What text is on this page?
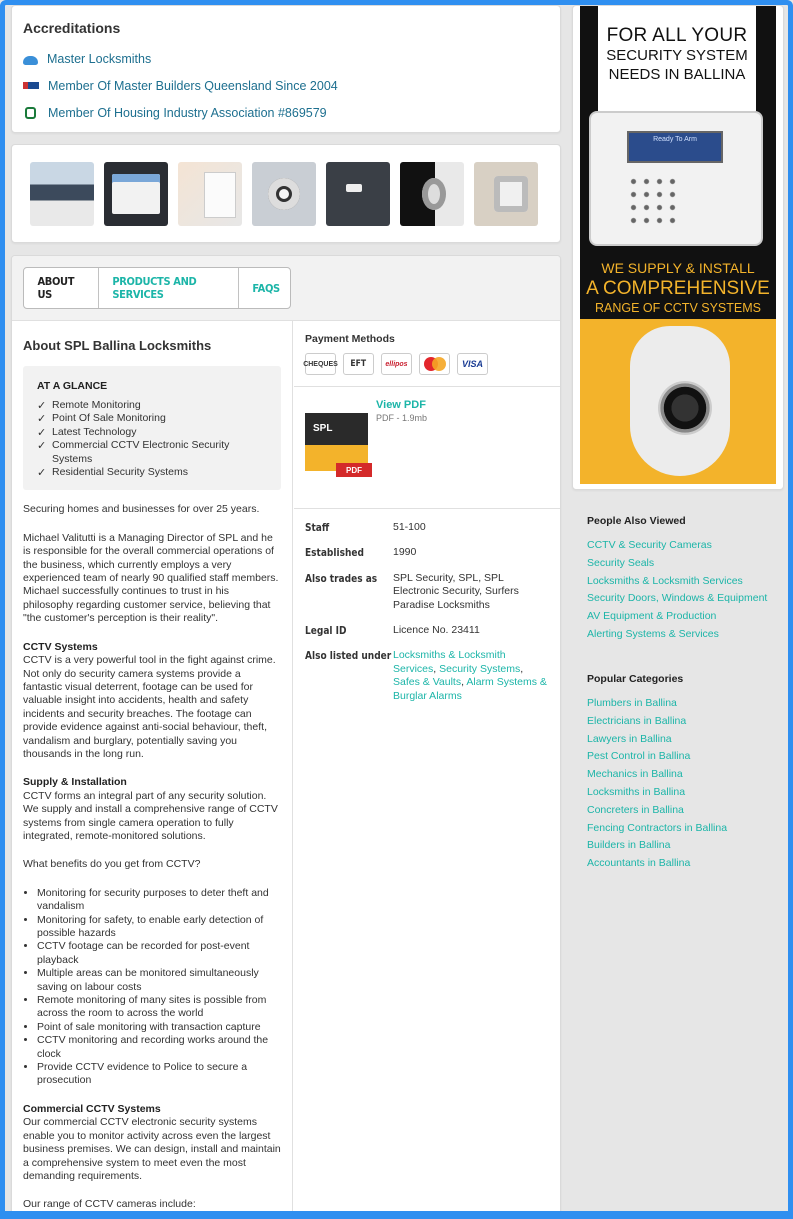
Accreditations
Master Locksmiths
Member Of Master Builders Queensland Since 2004
Member Of Housing Industry Association #869579
ABOUT US
PRODUCTS AND SERVICES	FAQS
About SPL Ballina Locksmiths
AT A GLANCE
✓ Remote Monitoring
✓ Point Of Sale Monitoring
✓ Latest Technology
✓ Commercial CCTV Electronic Security Systems
✓ Residential Security Systems

Securing homes and businesses for over 25 years.

Michael Valitutti is a Managing Director of SPL and he is responsible for the overall commercial operations of the business, which currently employs a very experienced team of nearly 90 qualified staff members. Michael successfully continues to trust in his philosophy regarding customer service, believing that "the customer's perception is their reality".

CCTV Systems
CCTV is a very powerful tool in the fight against crime. Not only do security camera systems provide a fantastic visual deterrent, footage can be used for valuable insight into accidents, health and safety incidents and security breaches. The footage can provide evidence against anti-social behaviour, theft, vandalism and burglary, potentially saving you thousands in the long run.

Supply & Installation
CCTV forms an integral part of any security solution. We supply and install a comprehensive range of CCTV systems from single camera operation to fully integrated, remote-monitored solutions.

What benefits do you get from CCTV?

• Monitoring for security purposes to deter theft and vandalism
• Monitoring for safety, to enable early detection of possible hazards
• CCTV footage can be recorded for post-event playback
• Multiple areas can be monitored simultaneously saving on labour costs
• Remote monitoring of many sites is possible from across the room to across the world
• Point of sale monitoring with transaction capture
• CCTV monitoring and recording works around the clock
• Provide CCTV evidence to Police to secure a prosecution

Commercial CCTV Systems
Our commercial CCTV electronic security systems enable you to monitor activity across even the largest business premises. We can design, install and maintain a comprehensive system to meet even the most demanding requirements.

Our range of CCTV cameras include:

Payment Methods
CHEQUES EFT	ellipos	VISA
SPL
PDF
View PDF
PDF - 1.9mb
Staff	51-100
Established	1990
Also trades as SPL Security, SPL, SPL Electronic Security, Surfers Paradise Locksmiths
Legal ID	Licence No. 23411
Also listed under Locksmiths & Locksmith Services, Security Systems, Safes & Vaults, Alarm Systems & Burglar Alarms
FOR ALL YOUR
SECURITY SYSTEM
NEEDS IN BALLINA
Ready To Arm
WE SUPPLY & INSTALL
A COMPREHENSIVE
RANGE OF CCTV SYSTEMS
People Also Viewed
CCTV & Security Cameras
Security Seals
Locksmiths & Locksmith Services
Security Doors, Windows & Equipment
AV Equipment & Production
Alerting Systems & Services
Popular Categories
Plumbers in Ballina
Electricians in Ballina
Lawyers in Ballina
Pest Control in Ballina
Mechanics in Ballina
Locksmiths in Ballina
Concreters in Ballina
Fencing Contractors in Ballina
Builders in Ballina
Accountants in Ballina
